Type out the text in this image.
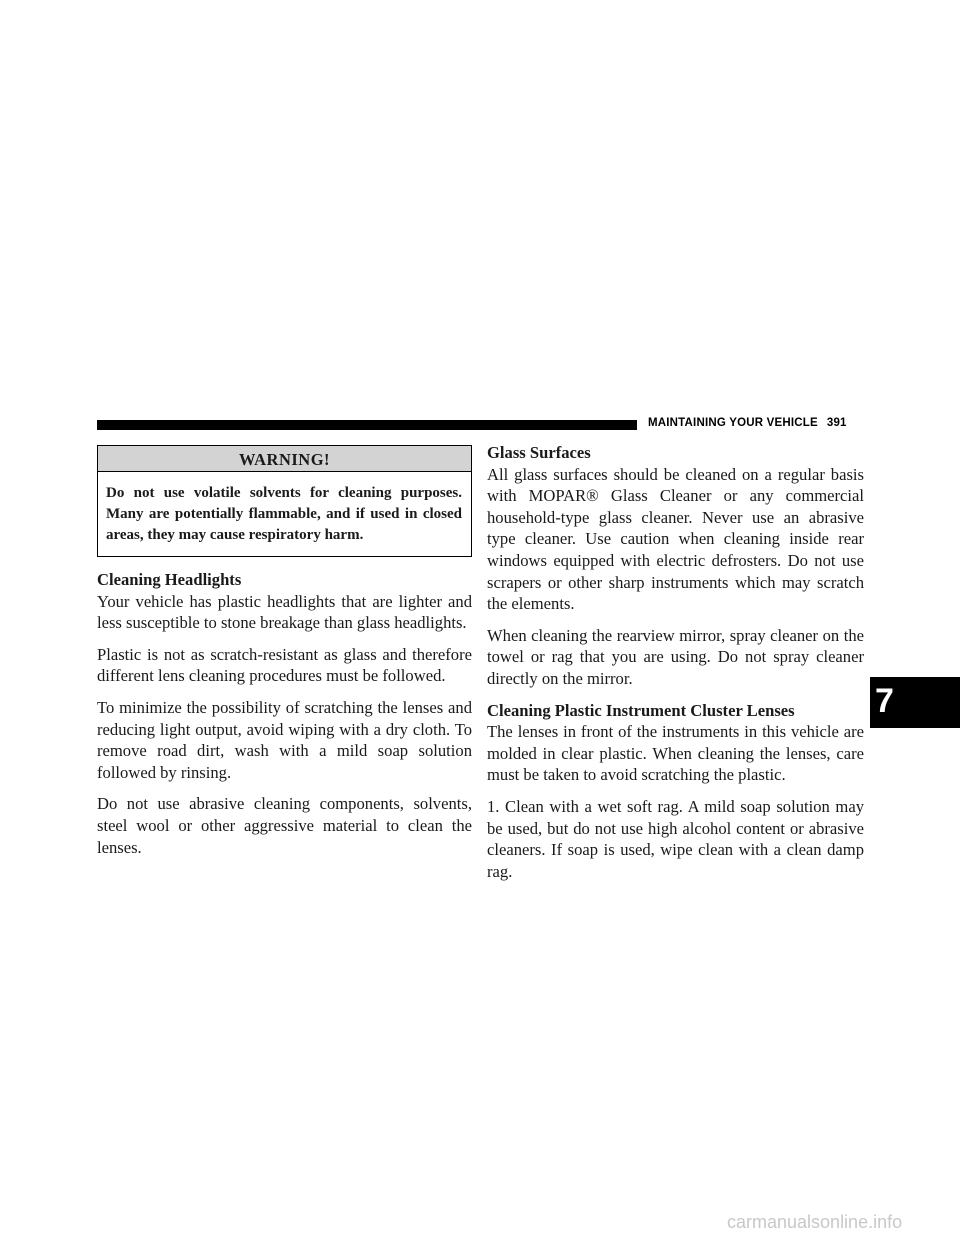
MAINTAINING YOUR VEHICLE 391
WARNING!
Do not use volatile solvents for cleaning purposes. Many are potentially flammable, and if used in closed areas, they may cause respiratory harm.
Cleaning Headlights

Your vehicle has plastic headlights that are lighter and less susceptible to stone breakage than glass headlights.

Plastic is not as scratch-resistant as glass and therefore different lens cleaning procedures must be followed.

To minimize the possibility of scratching the lenses and reducing light output, avoid wiping with a dry cloth. To remove road dirt, wash with a mild soap solution followed by rinsing.

Do not use abrasive cleaning components, solvents, steel wool or other aggressive material to clean the lenses.

Glass Surfaces

All glass surfaces should be cleaned on a regular basis with MOPAR® Glass Cleaner or any commercial household-type glass cleaner. Never use an abrasive type cleaner. Use caution when cleaning inside rear windows equipped with electric defrosters. Do not use scrapers or other sharp instruments which may scratch the elements.

When cleaning the rearview mirror, spray cleaner on the towel or rag that you are using. Do not spray cleaner directly on the mirror.

Cleaning Plastic Instrument Cluster Lenses

The lenses in front of the instruments in this vehicle are molded in clear plastic. When cleaning the lenses, care must be taken to avoid scratching the plastic.

1. Clean with a wet soft rag. A mild soap solution may be used, but do not use high alcohol content or abrasive cleaners. If soap is used, wipe clean with a clean damp rag.

7
carmanualsonline.info
